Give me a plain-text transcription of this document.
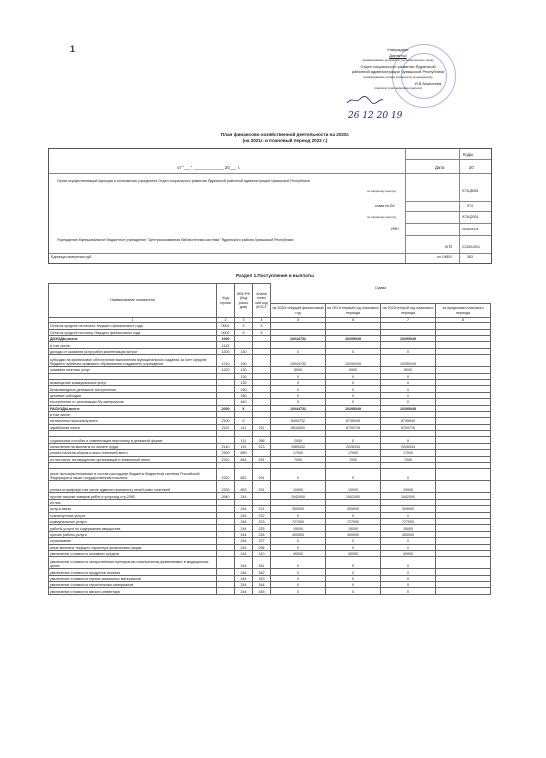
1	Утверждаю:
Директор
(наименование должности уполномоченного лица)
Отдел социального развития Ядринской
районной администрации Чувашской Республики
(наименование органа-учредителя (учреждения))
И.В.Моисеева
(подпись) (расшифровка подписи)
26 12 20 19
План финансово-хозяйственной деятельности на 2020г.
(на 2021г. и плановый период 2022 г.)
Коды
от "___" _____________ 20___ г.	Дата	20
Орган,осуществляющий функции и полномочия учредителя Отдел социального развития Ядринской районной администрации Чувашской Республики
по сводному реестру	973Ц8081
глава по БК	974
по сводному реестру	973Ц2001
ИНН	2119004445
Учреждение Муниципальное бюджетное учреждение "Централизованная библиотечная система" Ядринского района Чувашской Республики
КПП	213901001
Единица измерения руб	по ОКЕИ	383
Раздел 1.Поступления и выплаты
Наименование показателя	Код строки	КБК РФ (Код расхо дов)	Анали тичес кий код (КОСГ		Сумма		

				на 2020г.текущий финансовый год	на 2021г.первый год планового периода	на 2022г.второй год планового периода	за пределами планового периода
1	2	3	4	5	6	7	8
Остаток средств на начало текущего финансового года	0001	Х	Х				
Остаток средств на конец текущего финансового года	0002	Х	Х				
ДОХОДЫ,всего:	1000			10044732	10295049	10295049	
в том числе:	1110						
доходы от оказания услуг,работ,компенсации затрат	1200	130		0	0	0	
субсидии на финансовое обеспечение выполнения муниципального задания за счет средств бюджета публично-правового образования,создавшего учреждение	1210	130		10044732	10290049	10290049	
оказания платных услуг	1220	130		5000	5000	5000	
		130		0	0	0	
возмещение коммунальных услуг		130		0	0	0	
безвозмездные денежные поступления		150		0	0	0	
целевые субсидии		180		0	0	0	
поступления от реализации б/у материалов		440		0	0	0	
РАСХОДЫ,всего:	2000	Х		10044732	10295049	10295049	
в том числе:							
на выплаты персоналу,всего	2100	Х		8494732	8735049	8735049	
заработная плата	2110	111	211	6518300	6709715	6709715	

социальные пособия и компенсации персоналу в денежной форме		111	266	2000	0	0	
начисления на выплаты по оплате труда	2140	119	213	1969432	2026334	2026334	
уплата налогов,сборов и иных платежей,всего	2300	850		17000	17000	17000	
из них:налог на имущество организаций и земельный налог	2310	851	291	7000	7000	7000	

иные налоги(включаемые в состав расходов)в бюджеты бюджетной системы Российской Федерации,а также государственная пошлина	2320	852	291	0	0	0	
уплата штрафов(в том числе административных),пеней,иных платежей	2330	853	291	10000	10000	10000	
прочие закупки товаров,работ и услуг,код стр.2080	2640	244		1542000	1542000	1542000	
из них:							
услуги связи		244	221	305000	305000	305000	
транспортные услуги		244	222	0	0	0	
коммунальные услуги		244	223	727000	727000	727000	
работы,услуги по содержанию имущества		244	225	15000	15000	15000	
прочие работы,услуги		244	226	400000	400000	400000	
страхование		244	227	0	0	0	
иные выплаты текущего характера физическим лицам		244	296	0	0	0	
увеличение стоимости основных средств		244	310	40000	40000	40000	
увеличение стоимости лекарственных препаратов и материалов,применяемых в медицинских целях		244	341	0	0	0	
увеличение стоимости продуктов питания		244	342	0	0	0	
увеличение стоимости горюче-смазочных материалов		244	343	0	0	0	
увеличение стоимости строительных материалов		244	344	0	0	0	
увеличение стоимости мягкого инвентаря		244	345	0	0	0	
